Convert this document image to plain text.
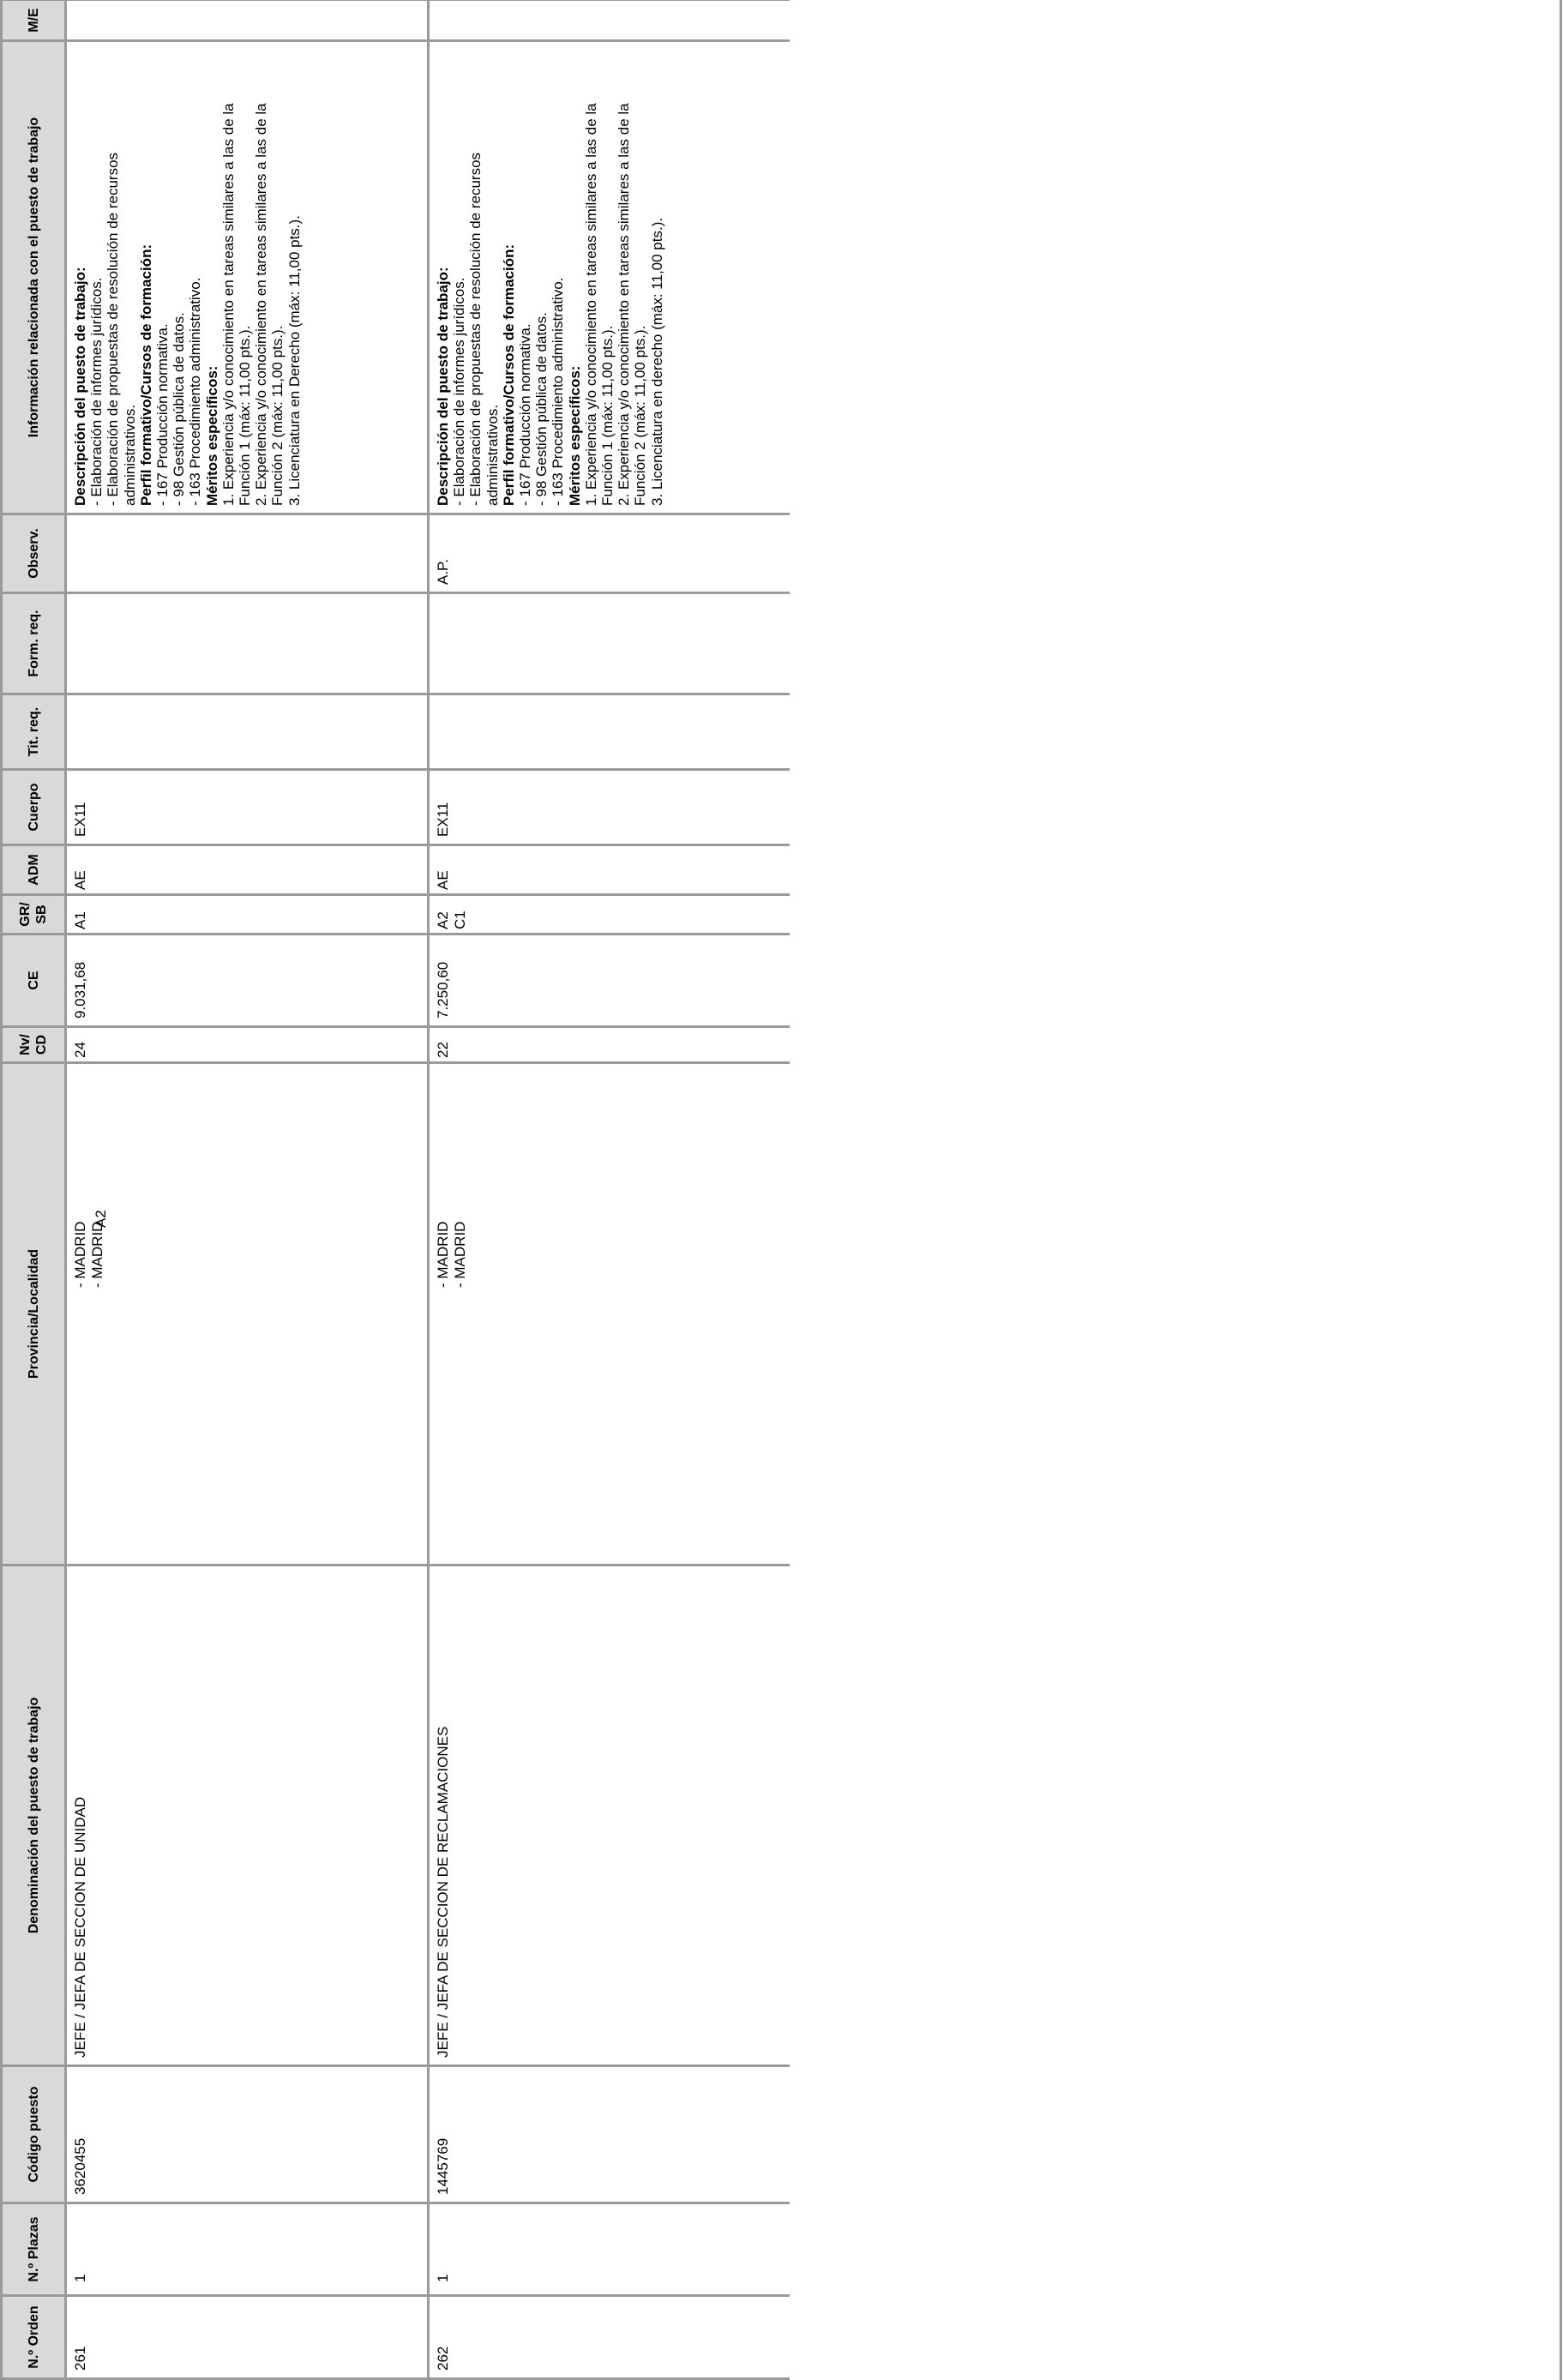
N.º Orden
N.º Plazas
Código puesto
Denominación del puesto de trabajo
Provincia/Localidad
Nv/ CD
CE
GR/ SB
ADM
Cuerpo
Tit. req.
Form. req.
Observ.
Información relacionada con el puesto de trabajo
M/E
261
1
3620455
JEFE / JEFA DE SECCION DE UNIDAD
- MADRID - MADRID
24
9.031,68
A1
AE
EX11

Descripción del puesto de trabajo: - Elaboración de informes jurídicos. - Elaboración de propuestas de resolución de recursos administrativos. Perfil formativo/Cursos de formación: - 167 Producción normativa. - 98 Gestión pública de datos. - 163 Procedimiento administrativo. Méritos específicos: 1. Experiencia y/o conocimiento en tareas similares a las de la Función 1 (máx: 11,00 pts.). 2. Experiencia y/o conocimiento en tareas similares a las de la Función 2 (máx: 11,00 pts.). 3. Licenciatura en Derecho (máx: 11,00 pts.).

A2
262
1
1445769
JEFE / JEFA DE SECCION DE RECLAMACIONES
- MADRID - MADRID
22
7.250,60
A2 C1
AE
EX11
A.P.

Descripción del puesto de trabajo: - Elaboración de informes jurídicos. - Elaboración de propuestas de resolución de recursos administrativos. Perfil formativo/Cursos de formación: - 167 Producción normativa. - 98 Gestión pública de datos. - 163 Procedimiento administrativo. Méritos específicos: 1. Experiencia y/o conocimiento en tareas similares a las de la Función 1 (máx: 11,00 pts.). 2. Experiencia y/o conocimiento en tareas similares a las de la Función 2 (máx: 11,00 pts.). 3. Licenciatura en derecho (máx: 11,00 pts.).
